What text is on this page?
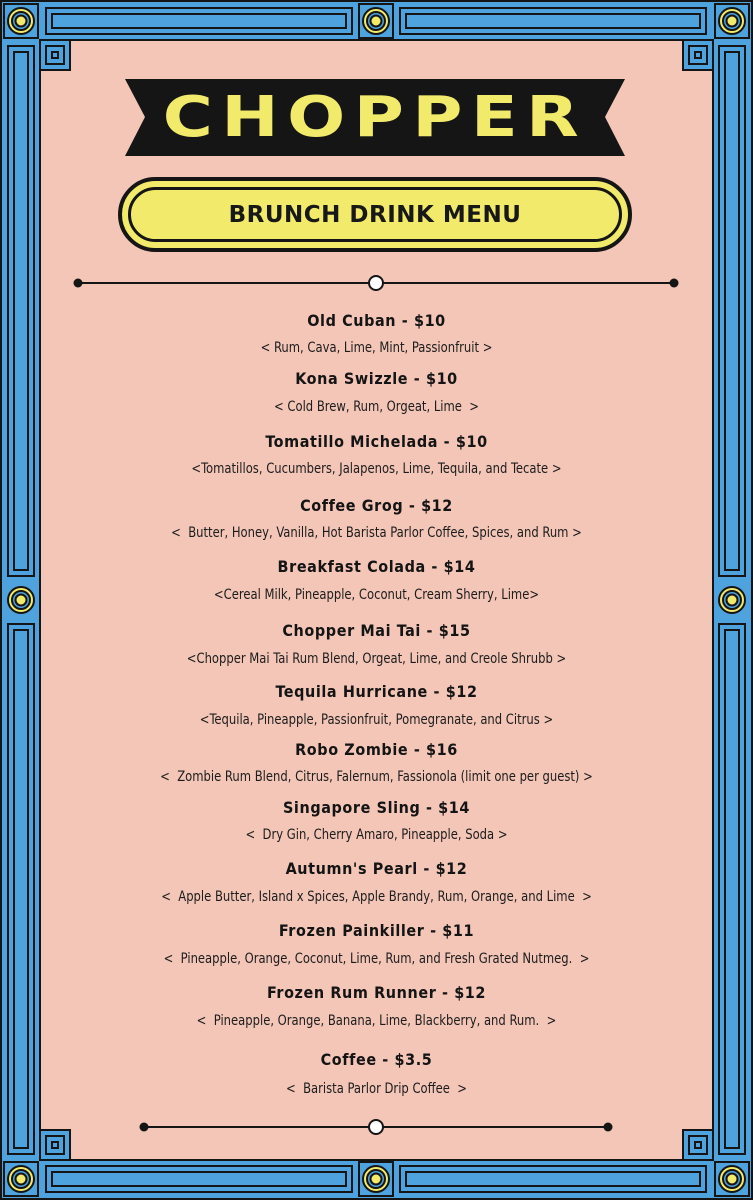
CHOPPER
BRUNCH DRINK MENU
Old Cuban - $10
< Rum, Cava, Lime, Mint, Passionfruit >
Kona Swizzle - $10
< Cold Brew, Rum, Orgeat, Lime  >
Tomatillo Michelada - $10
<Tomatillos, Cucumbers, Jalapenos, Lime, Tequila, and Tecate >
Coffee Grog - $12
<  Butter, Honey, Vanilla, Hot Barista Parlor Coffee, Spices, and Rum >
Breakfast Colada - $14
<Cereal Milk, Pineapple, Coconut, Cream Sherry, Lime>
Chopper Mai Tai - $15
<Chopper Mai Tai Rum Blend, Orgeat, Lime, and Creole Shrubb >
Tequila Hurricane - $12
<Tequila, Pineapple, Passionfruit, Pomegranate, and Citrus >
Robo Zombie - $16
<  Zombie Rum Blend, Citrus, Falernum, Fassionola (limit one per guest) >
Singapore Sling - $14
<  Dry Gin, Cherry Amaro, Pineapple, Soda >
Autumn's Pearl - $12
<  Apple Butter, Island x Spices, Apple Brandy, Rum, Orange, and Lime  >
Frozen Painkiller - $11
<  Pineapple, Orange, Coconut, Lime, Rum, and Fresh Grated Nutmeg.  >
Frozen Rum Runner - $12
<  Pineapple, Orange, Banana, Lime, Blackberry, and Rum.  >
Coffee - $3.5
<  Barista Parlor Drip Coffee  >
